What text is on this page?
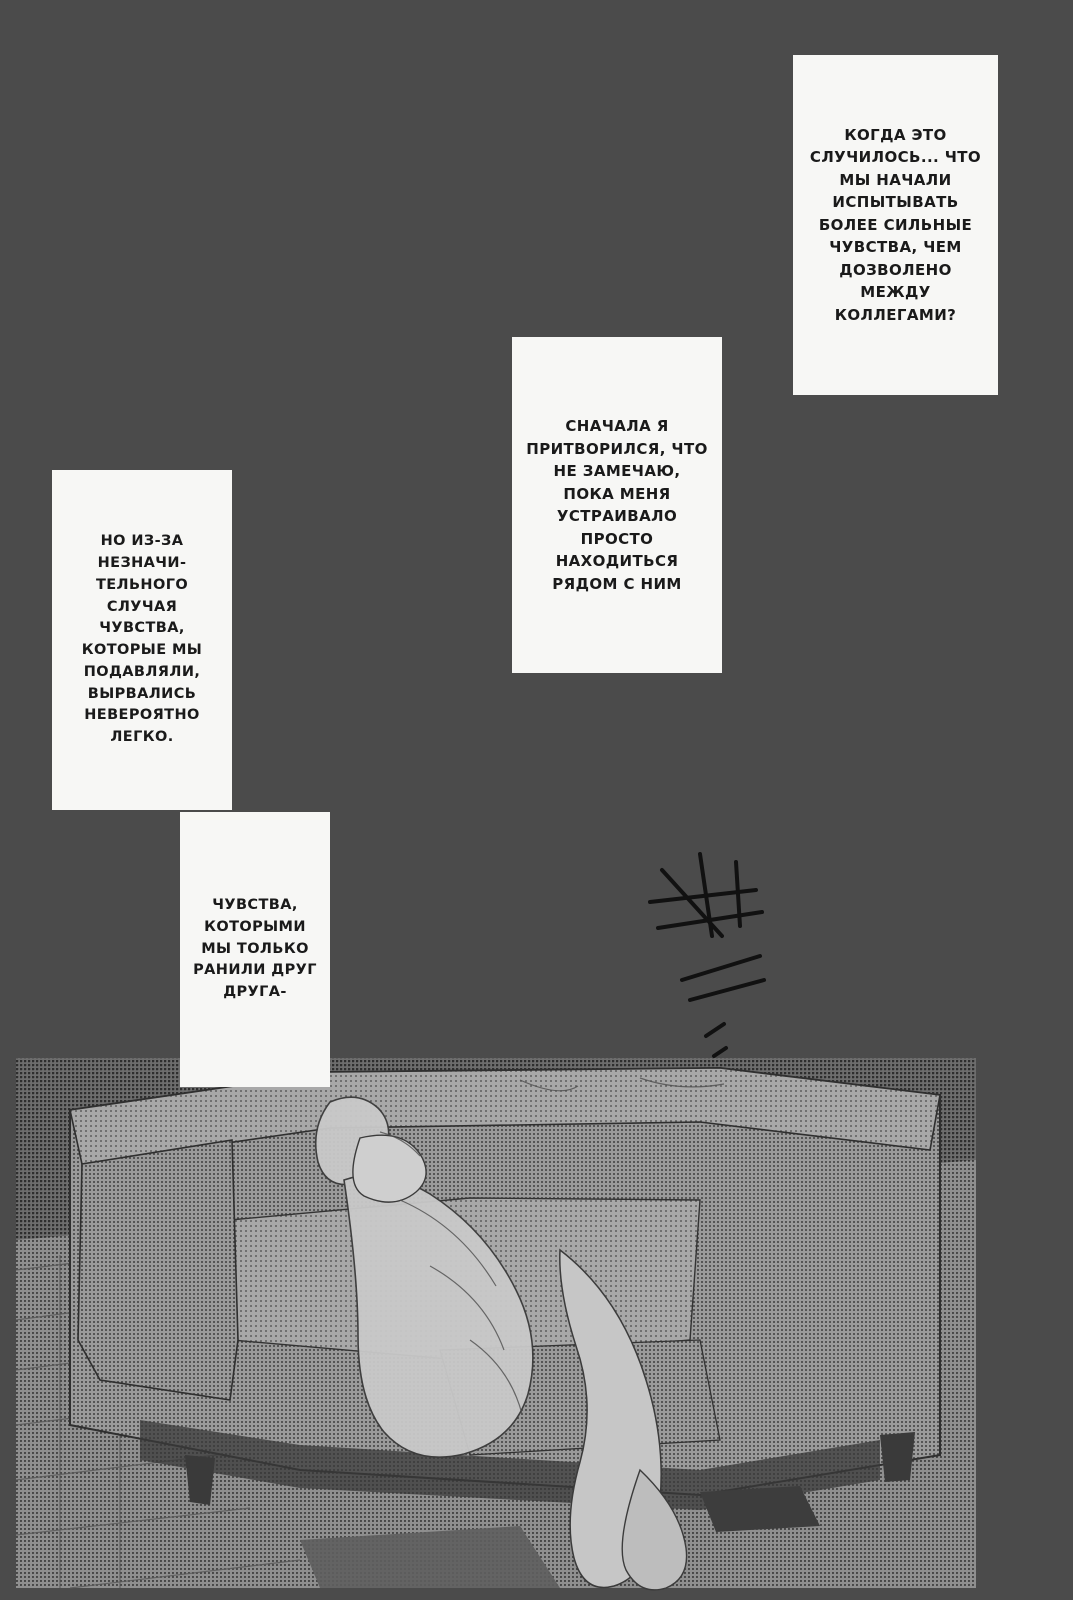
КОГДА ЭТО СЛУЧИЛОСЬ... ЧТО МЫ НАЧАЛИ ИСПЫТЫВАТЬ БОЛЕЕ СИЛЬНЫЕ ЧУВСТВА, ЧЕМ ДОЗВОЛЕНО МЕЖДУ КОЛЛЕГАМИ?
СНАЧАЛА Я ПРИТВОРИЛСЯ, ЧТО НЕ ЗАМЕЧАЮ, ПОКА МЕНЯ УСТРАИВАЛО ПРОСТО НАХОДИТЬСЯ РЯДОМ С НИМ
НО ИЗ-ЗА НЕЗНАЧИ-ТЕЛЬНОГО СЛУЧАЯ ЧУВСТВА, КОТОРЫЕ МЫ ПОДАВЛЯЛИ, ВЫРВАЛИСЬ НЕВЕРОЯТНО ЛЕГКО.
ЧУВСТВА, КОТОРЫМИ МЫ ТОЛЬКО РАНИЛИ ДРУГ ДРУГА-
